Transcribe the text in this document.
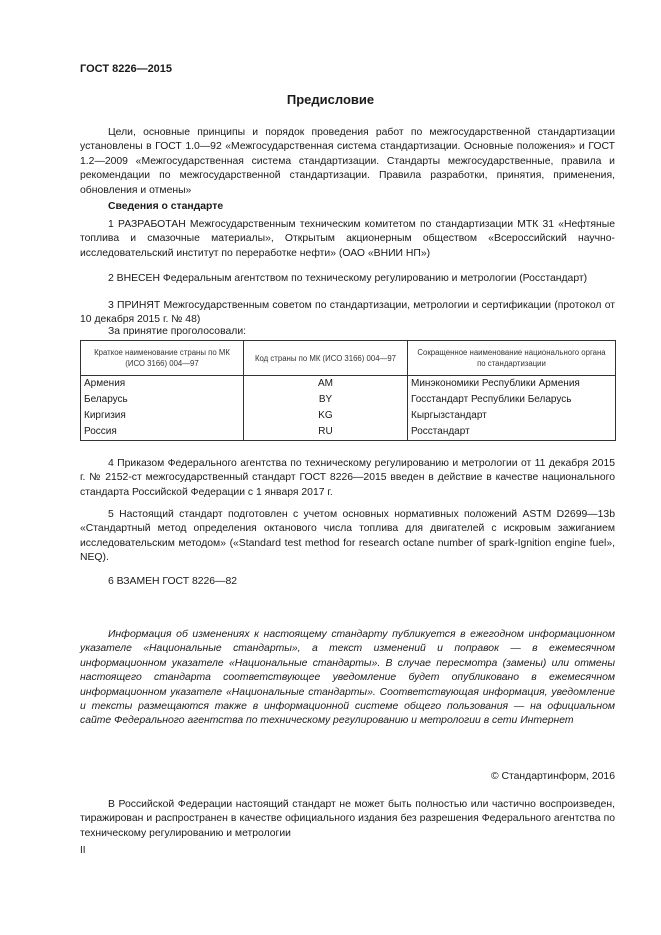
ГОСТ 8226—2015
Предисловие

Цели, основные принципы и порядок проведения работ по межгосударственной стандартизации установлены в ГОСТ 1.0—92 «Межгосударственная система стандартизации. Основные положения» и ГОСТ 1.2—2009 «Межгосударственная система стандартизации. Стандарты межгосударственные, правила и рекомендации по межгосударственной стандартизации. Правила разработки, принятия, применения, обновления и отмены»

Сведения о стандарте

1 РАЗРАБОТАН Межгосударственным техническим комитетом по стандартизации МТК 31 «Нефтяные топлива и смазочные материалы», Открытым акционерным обществом «Всероссийский научно-исследовательский институт по переработке нефти» (ОАО «ВНИИ НП»)

2 ВНЕСЕН Федеральным агентством по техническому регулированию и метрологии (Росстандарт)

3 ПРИНЯТ Межгосударственным советом по стандартизации, метрологии и сертификации (протокол от 10 декабря 2015 г. № 48)

За принятие проголосовали:

Краткое наименование страны по МК (ИСО 3166) 004—97	Код страны по МК (ИСО 3166) 004—97	Сокращенное наименование национального органа по стандартизации
Армения	AM	Минэкономики Республики Армения
Беларусь	BY	Госстандарт Республики Беларусь
Киргизия	KG	Кыргызстандарт
Россия	RU	Росстандарт

4 Приказом Федерального агентства по техническому регулированию и метрологии от 11 декабря 2015 г. № 2152-ст межгосударственный стандарт ГОСТ 8226—2015 введен в действие в качестве национального стандарта Российской Федерации с 1 января 2017 г.

5 Настоящий стандарт подготовлен с учетом основных нормативных положений ASTM D2699—13b «Стандартный метод определения октанового числа топлива для двигателей с искровым зажиганием исследовательским методом» («Standard test method for research octane number of spark-Ignition engine fuel», NEQ).

6 ВЗАМЕН ГОСТ 8226—82

Информация об изменениях к настоящему стандарту публикуется в ежегодном информационном указателе «Национальные стандарты», а текст изменений и поправок — в ежемесячном информационном указателе «Национальные стандарты». В случае пересмотра (замены) или отмены настоящего стандарта соответствующее уведомление будет опубликовано в ежемесячном информационном указателе «Национальные стандарты». Соответствующая информация, уведомление и тексты размещаются также в информационной системе общего пользования — на официальном сайте Федерального агентства по техническому регулированию и метрологии в сети Интернет

© Стандартинформ, 2016

В Российской Федерации настоящий стандарт не может быть полностью или частично воспроизведен, тиражирован и распространен в качестве официального издания без разрешения Федерального агентства по техническому регулированию и метрологии

II
